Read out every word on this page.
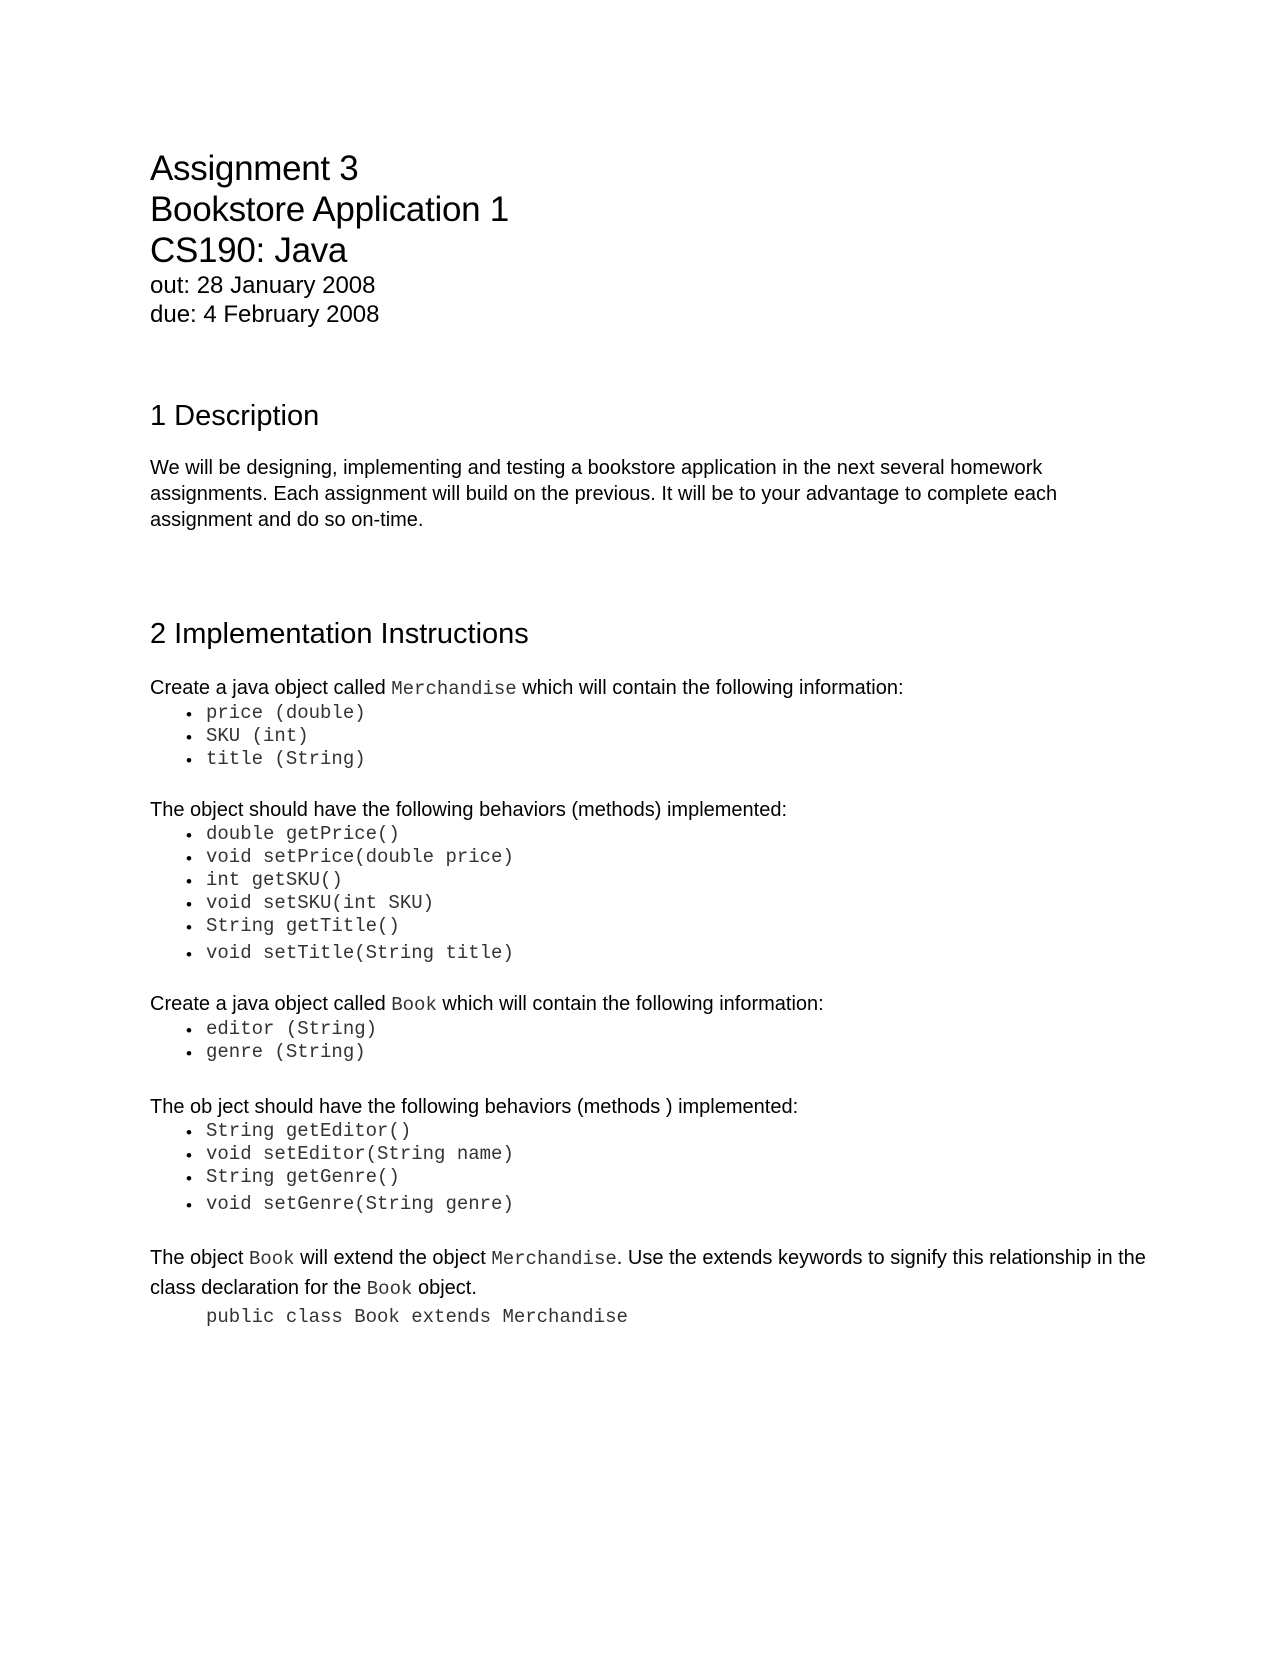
Assignment 3
Bookstore Application 1
CS190: Java
out: 28 January 2008
due: 4 February 2008
1 Description

We will be designing, implementing and testing a bookstore application in the next several homework assignments. Each assignment will build on the previous. It will be to your advantage to complete each assignment and do so on-time.

2 Implementation Instructions

Create a java object called Merchandise which will contain the following information:

• price (double)
• SKU (int)
• title (String)

The object should have the following behaviors (methods) implemented:

• double getPrice()
• void setPrice(double price)
• int getSKU()
• void setSKU(int SKU)
• String getTitle()
• void setTitle(String title)

Create a java object called Book which will contain the following information:

• editor (String)
• genre (String)

The ob ject should have the following behaviors (methods ) implemented:

• String getEditor()
• void setEditor(String name)
• String getGenre()
• void setGenre(String genre)

The object Book will extend the object Merchandise. Use the extends keywords to signify this relationship in the class declaration for the Book object.

public class Book extends Merchandise
